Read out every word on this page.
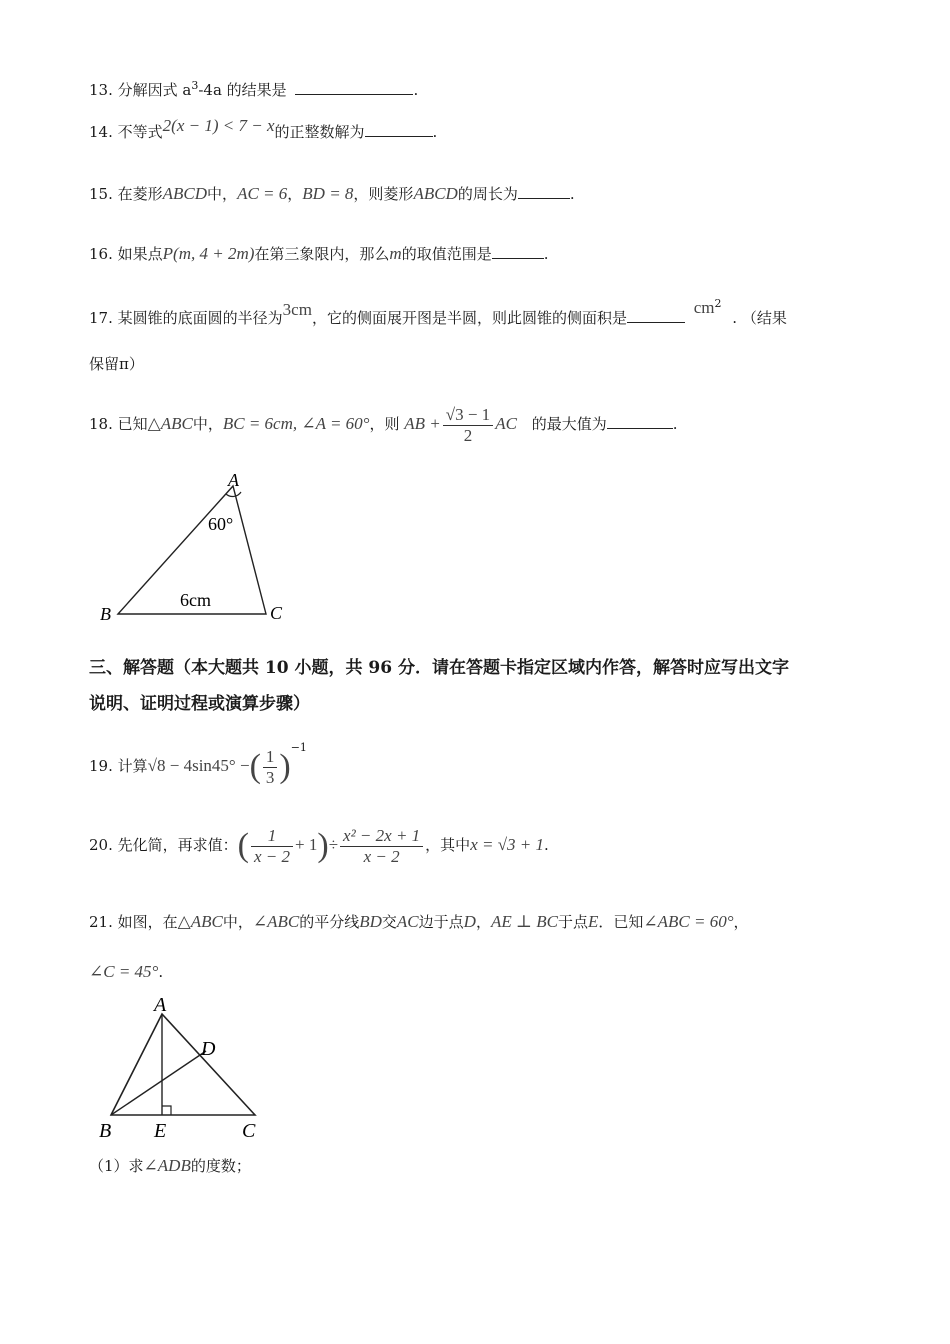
13. 分解因式 $a^3-4a$ 的结果是	.
14. 不等式2(x − 1) < 7 − x的正整数解为	.
15. 在菱形ABCD中，AC = 6，BD = 8，则菱形ABCD的周长为	.
16. 如果点P(m, 4 + 2m)在第三象限内，那么m的取值范围是	.
17. 某圆锥的底面圆的半径为3cm，它的侧面展开图是半圆，则此圆锥的侧面积是 $cm^2$ . （结果
保留π）
18. 已知△ABC中，BC = 6cm, ∠A = 60°，则 AB + $\frac{√3 - 1}{2}$ AC 的最大值为	.
A
B	C
60°
6cm
三、解答题（本大题共 10 小题，共 96 分．请在答题卡指定区域内作答，解答时应写出文字
说明、证明过程或演算步骤）
19. 计算√8 − 4sin45° −( $\frac{1}{3} )^{-1}$
20. 先化简，再求值：( $\frac{1}{x - 2} + 1)\div \frac{\text{x² − 2x + 1}}{x - 2}$ ，其中x = √3 + 1.
21. 如图，在△ABC中，∠ABC的平分线BD交AC边于点D，AE ⊥ BC于点E．已知∠ABC = 60°，
∠C = 45°.
A
B	C
D
E
（1）求∠ADB的度数；
